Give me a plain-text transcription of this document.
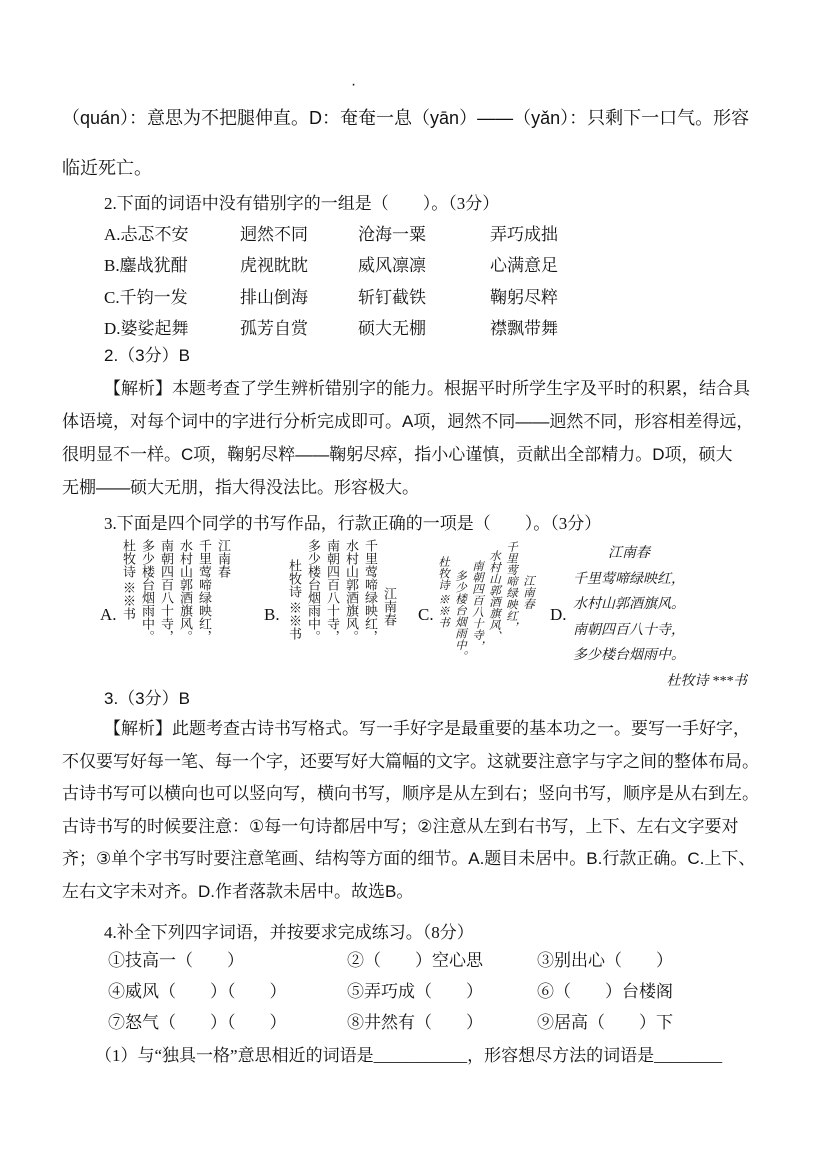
（quán）：意思为不把腿伸直。D：奄
·
奄一息（yān）——（yǎn）：只剩下一口气。形容
临近死亡。
2.下面的词语中没有错别字的一组是（　　）。（3分）
A.忐忑不安	迵然不同	沧海一粟	弄巧成拙
B.鏖战犹酣	虎视眈眈	威风凛凛	心满意足
C.千钧一发	排山倒海	斩钉截铁	鞠躬尽粹
D.婆娑起舞	孤芳自赏	硕大无棚	襟飘带舞
2.（3分）B
【解析】本题考查了学生辨析错别字的能力。根据平时所学生字及平时的积累，结合具
体语境，对每个词中的字进行分析完成即可。A项，迵然不同——迥然不同，形容相差得远，
很明显不一样。C项，鞠躬尽粹——鞠躬尽瘁，指小心谨慎，贡献出全部精力。D项，硕大
无棚——硕大无朋，指大得没法比。形容极大。
3.下面是四个同学的书写作品，行款正确的一项是（　　）。（3分）
A.
江南春
千里莺啼绿映红，
水村山郭酒旗风。
南朝四百八十寺，
多少楼台烟雨中。
杜牧诗 ※※书	B.	江南春
千里莺啼绿映红，
水村山郭酒旗风。
南朝四百八十寺，
多少楼台烟雨中。
杜牧诗 ※※书	C.
江南春
千里莺啼绿映红，
水村山郭酒旗风、
南朝四百八十寺，
多少楼台烟雨中。
杜牧诗 ※※书	D.
江南春
千里莺啼绿映红，
水村山郭酒旗风。
南朝四百八十寺，
多少楼台烟雨中。
杜牧诗 ***书
3.（3分）B
【解析】此题考查古诗书写格式。写一手好字是最重要的基本功之一。要写一手好字，
不仅要写好每一笔、每一个字，还要写好大篇幅的文字。这就要注意字与字之间的整体布局。
古诗书写可以横向也可以竖向写，横向书写，顺序是从左到右；竖向书写，顺序是从右到左。
古诗书写的时候要注意：①每一句诗都居中写；②注意从左到右书写，上下、左右文字要对
齐；③单个字书写时要注意笔画、结构等方面的细节。A.题目未居中。B.行款正确。C.上下、
左右文字未对齐。D.作者落款未居中。故选B。
4.补全下列四字词语，并按要求完成练习。（8分）
①技高一（　　）	②（　　）空心思	③别出心（　　）
④威风（　　）（　　）	⑤弄巧成（　　）	⑥（　　）台楼阁
⑦怒气（　　）（　　）	⑧井然有（　　）	⑨居高（　　）下
（1）与“独具一格”意思相近的词语是___________，形容想尽方法的词语是________
